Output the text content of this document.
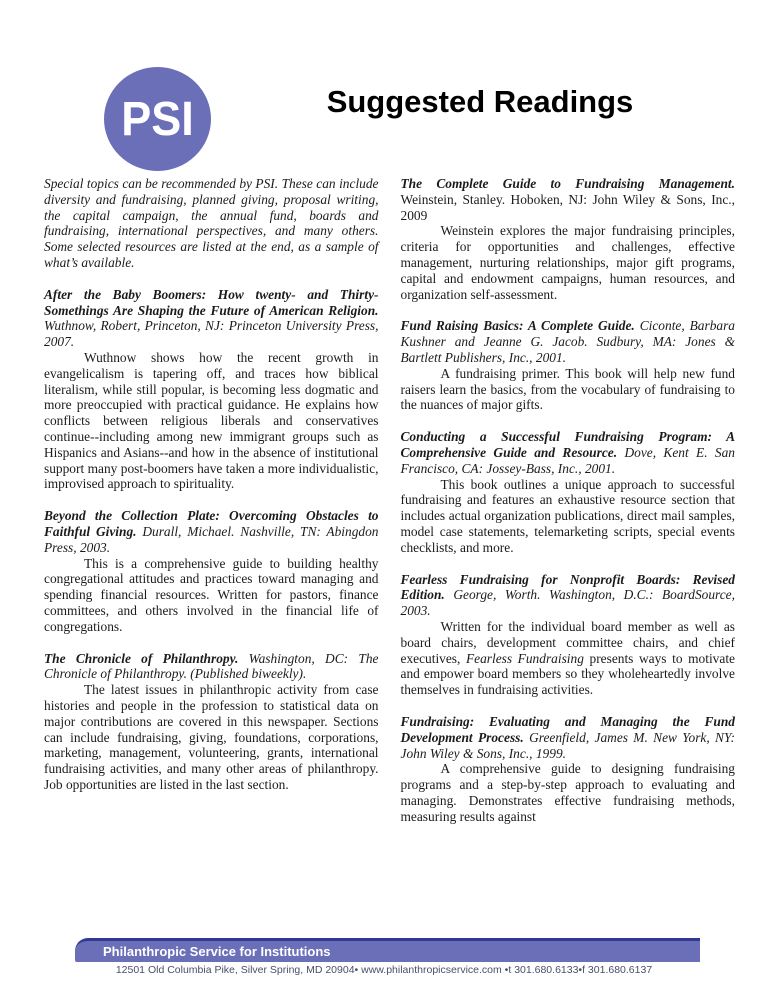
PSI	Suggested Readings

Special topics can be recommended by PSI. These can include diversity and fundraising, planned giving, proposal writing, the capital campaign, the annual fund, boards and fundraising, international perspectives, and many others. Some selected resources are listed at the end, as a sample of what’s available.

After the Baby Boomers: How twenty- and Thirty-Somethings Are Shaping the Future of American Religion. Wuthnow, Robert, Princeton, NJ: Princeton University Press, 2007.

Wuthnow shows how the recent growth in evangelicalism is tapering off, and traces how biblical literalism, while still popular, is becoming less dogmatic and more preoccupied with practical guidance. He explains how conflicts between religious liberals and conservatives continue--including among new immigrant groups such as Hispanics and Asians--and how in the absence of institutional support many post-boomers have taken a more individualistic, improvised approach to spirituality.

Beyond the Collection Plate: Overcoming Obstacles to Faithful Giving. Durall, Michael. Nashville, TN: Abingdon Press, 2003.

This is a comprehensive guide to building healthy congregational attitudes and practices toward managing and spending financial resources. Written for pastors, finance committees, and others involved in the financial life of congregations.

The Chronicle of Philanthropy. Washington, DC: The Chronicle of Philanthropy. (Published biweekly).

The latest issues in philanthropic activity from case histories and people in the profession to statistical data on major contributions are covered in this newspaper. Sections can include fundraising, giving, foundations, corporations, marketing, management, volunteering, grants, international fundraising activities, and many other areas of philanthropy. Job opportunities are listed in the last section.

The Complete Guide to Fundraising Management. Weinstein, Stanley. Hoboken, NJ: John Wiley & Sons, Inc., 2009

Weinstein explores the major fundraising principles, criteria for opportunities and challenges, effective management, nurturing relationships, major gift programs, capital and endowment campaigns, human resources, and organization self-assessment.

Fund Raising Basics: A Complete Guide. Ciconte, Barbara Kushner and Jeanne G. Jacob. Sudbury, MA: Jones & Bartlett Publishers, Inc., 2001.

A fundraising primer. This book will help new fund raisers learn the basics, from the vocabulary of fundraising to the nuances of major gifts.

Conducting a Successful Fundraising Program: A Comprehensive Guide and Resource. Dove, Kent E. San Francisco, CA: Jossey-Bass, Inc., 2001.

This book outlines a unique approach to successful fundraising and features an exhaustive resource section that includes actual organization publications, direct mail samples, model case statements, telemarketing scripts, special events checklists, and more.

Fearless Fundraising for Nonprofit Boards: Revised Edition. George, Worth. Washington, D.C.: BoardSource, 2003.

Written for the individual board member as well as board chairs, development committee chairs, and chief executives, Fearless Fundraising presents ways to motivate and empower board members so they wholeheartedly involve themselves in fundraising activities.

Fundraising: Evaluating and Managing the Fund Development Process. Greenfield, James M. New York, NY: John Wiley & Sons, Inc., 1999.

A comprehensive guide to designing fundraising programs and a step-by-step approach to evaluating and managing. Demonstrates effective fundraising methods, measuring results against

Philanthropic Service for Institutions
12501 Old Columbia Pike, Silver Spring, MD 20904• www.philanthropicservice.com •t 301.680.6133•f 301.680.6137
